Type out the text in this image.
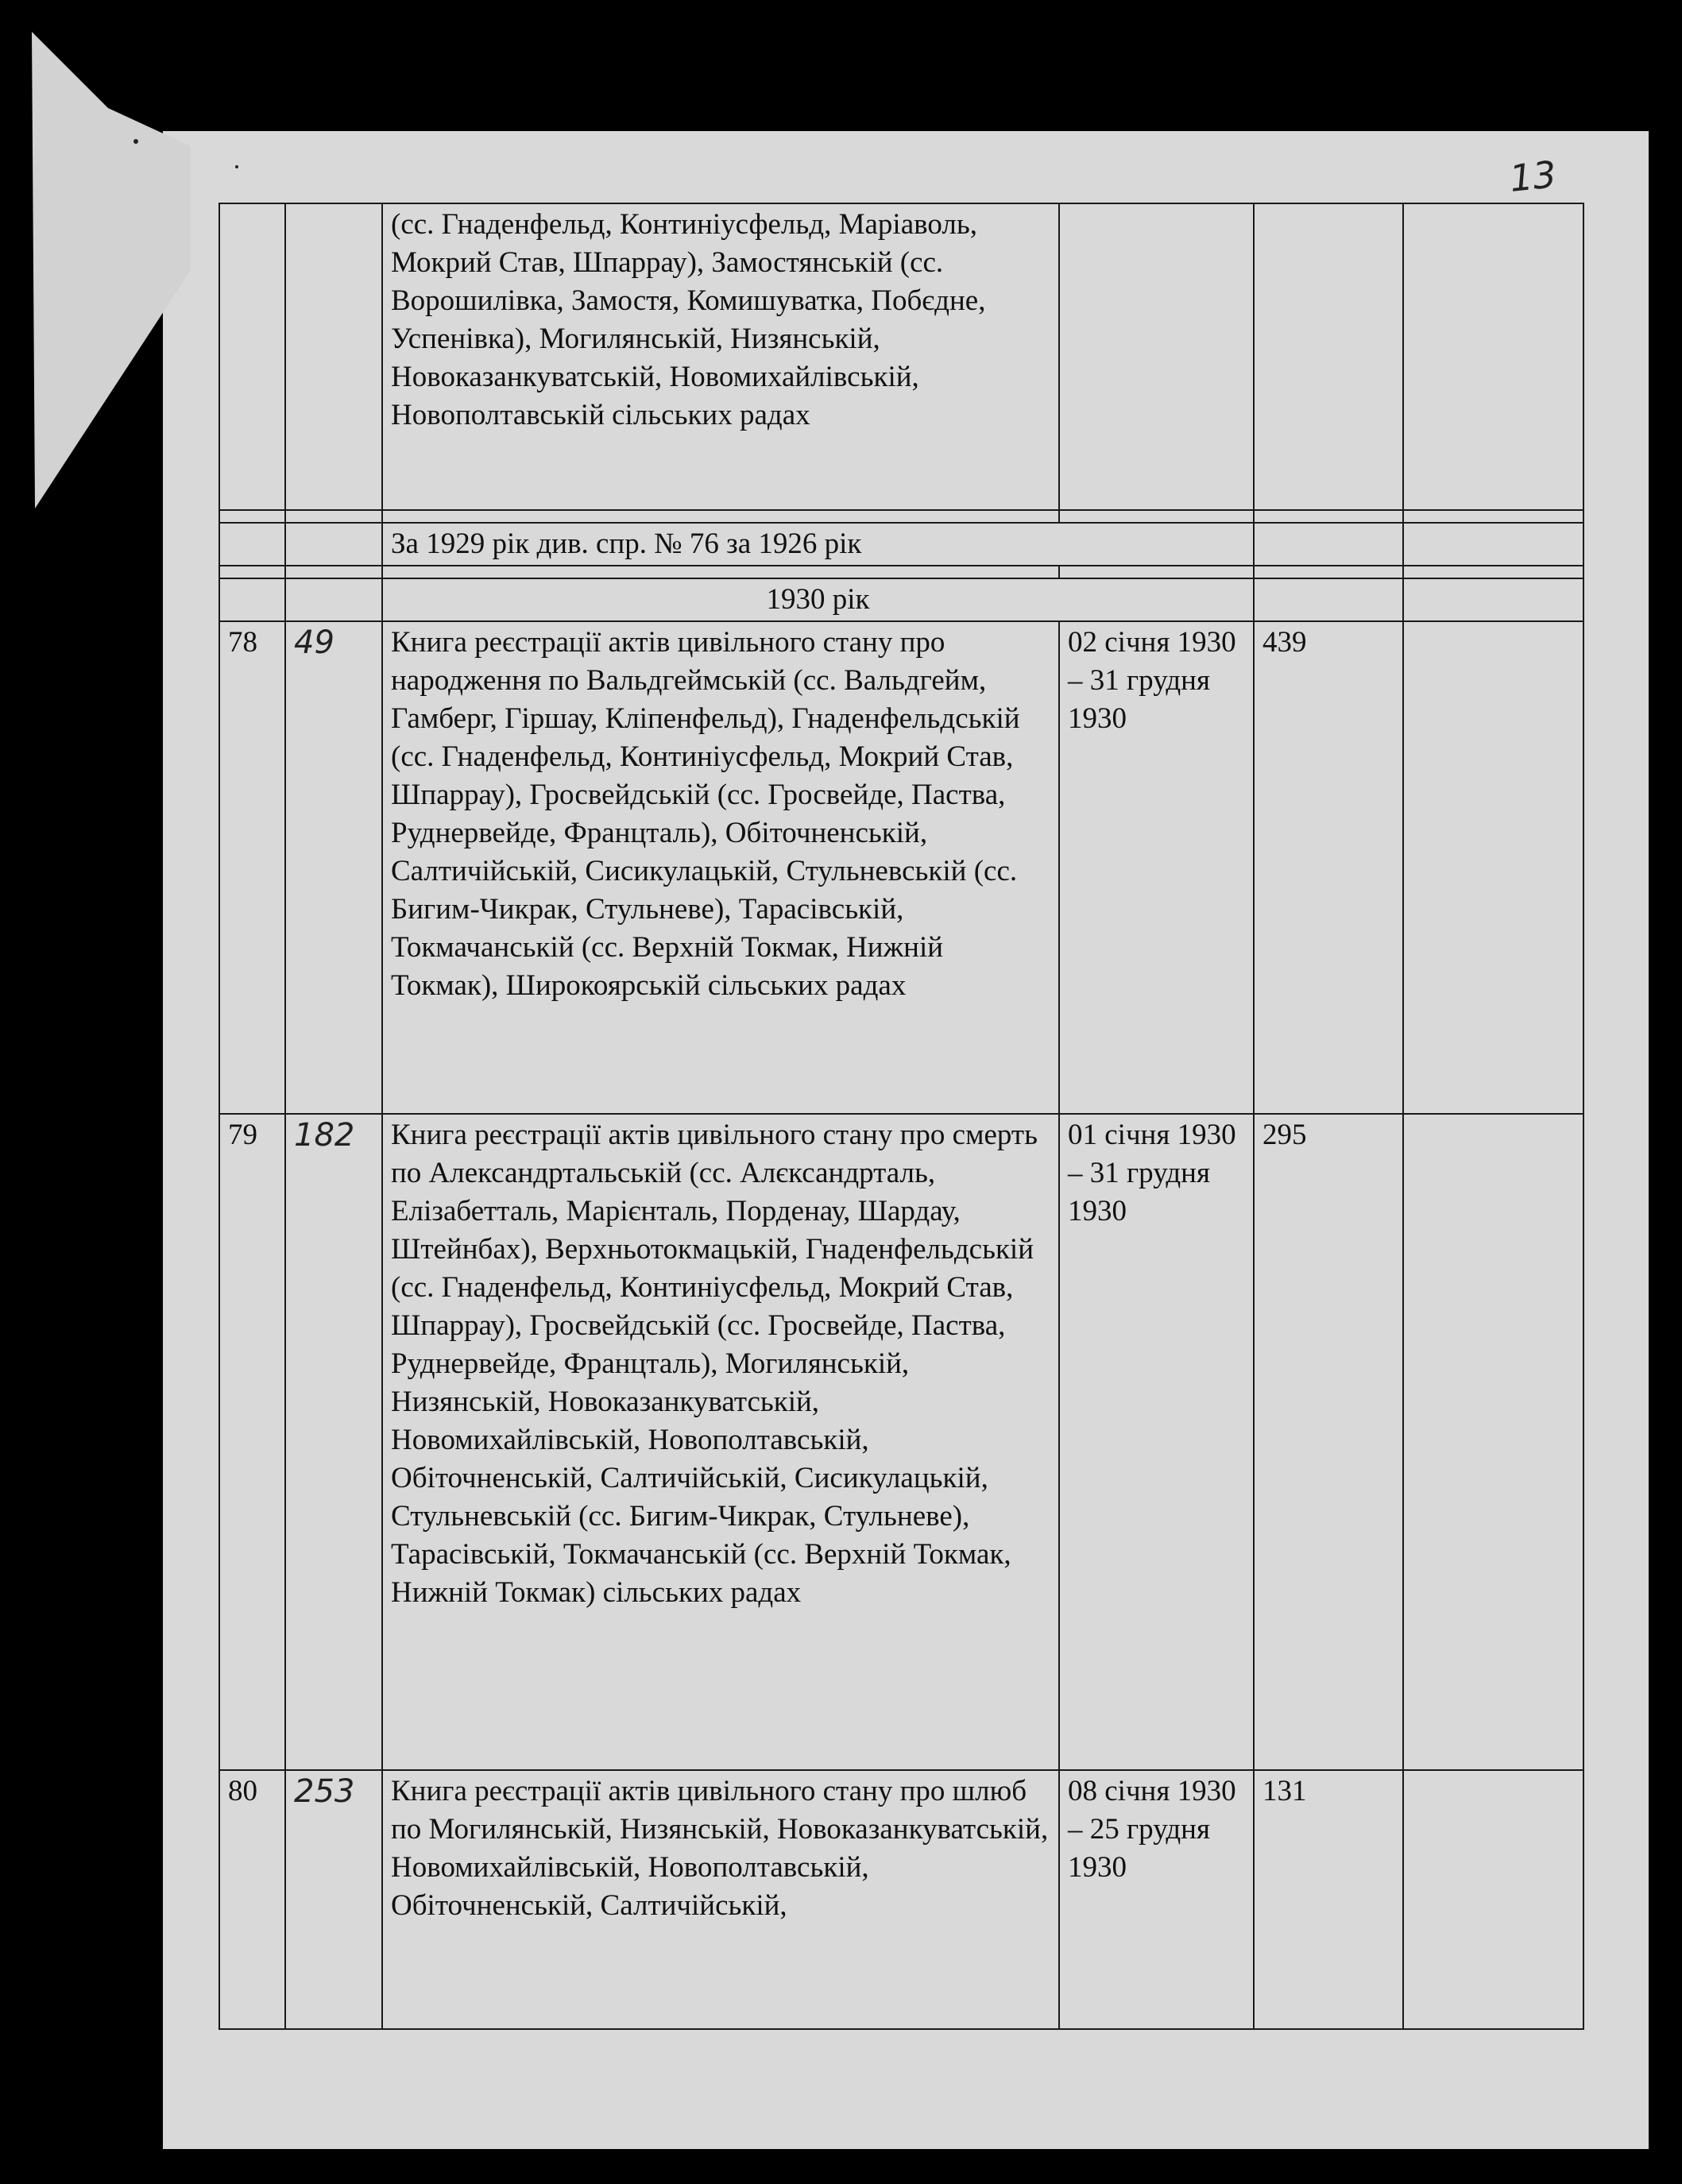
13
		(сс. Гнаденфельд, Континіусфельд, Маріаволь, Мокрий Став, Шпаррау), Замостянській (сс. Ворошилівка, Замостя, Комишуватка, Побєдне, Успенівка), Могилянській, Низянській, Новоказанкуватській, Новомихайлівській, Новополтавській сільських радах			

		За 1929 рік див. спр. № 76 за 1926 рік			

		1930 рік			
78	49	Книга реєстрації актів цивільного стану про народження по Вальдгеймській (сс. Вальдгейм, Гамберг, Гіршау, Кліпенфельд), Гнаденфельдській (сс. Гнаденфельд, Континіусфельд, Мокрий Став, Шпаррау), Гросвейдській (сс. Гросвейде, Паства, Руднервейде, Францталь), Обіточненській, Салтичійській, Сисикулацькій, Стульневській (сс. Бигим-Чикрак, Стульневе), Тарасівській, Токмачанській (сс. Верхній Токмак, Нижній Токмак), Широкоярській сільських радах	02 січня 1930 – 31 грудня 1930	439	
79	182	Книга реєстрації актів цивільного стану про смерть по Александртальській (сс. Алєксандрталь, Елізабетталь, Марієнталь, Порденау, Шардау, Штейнбах), Верхньотокмацькій, Гнаденфельдській (сс. Гнаденфельд, Континіусфельд, Мокрий Став, Шпаррау), Гросвейдській (сс. Гросвейде, Паства, Руднервейде, Францталь), Могилянській, Низянській, Новоказанкуватській, Новомихайлівській, Новополтавській, Обіточненській, Салтичійській, Сисикулацькій, Стульневській (сс. Бигим-Чикрак, Стульневе), Тарасівській, Токмачанській (сс. Верхній Токмак, Нижній Токмак) сільських радах	01 січня 1930 – 31 грудня 1930	295	
80	253	Книга реєстрації актів цивільного стану про шлюб по Могилянській, Низянській, Новоказанкуватській, Новомихайлівській, Новополтавській, Обіточненській, Салтичійській,	08 січня 1930 – 25 грудня 1930	131	
